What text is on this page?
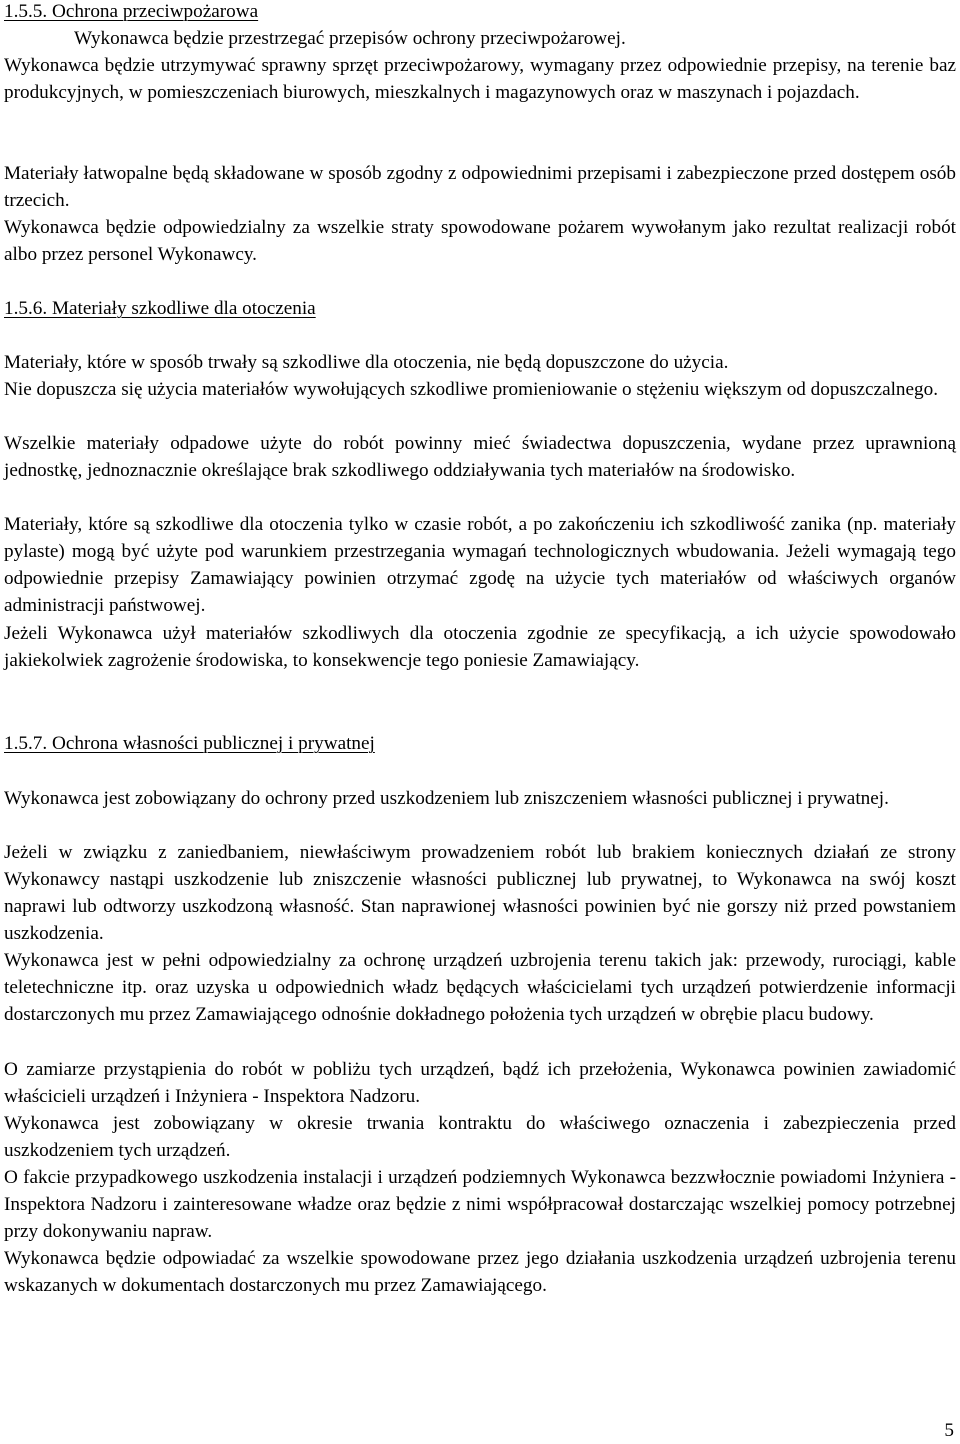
1.5.5. Ochrona przeciwpożarowa

Wykonawca będzie przestrzegać przepisów ochrony przeciwpożarowej.

Wykonawca będzie utrzymywać sprawny sprzęt przeciwpożarowy, wymagany przez odpowiednie przepisy, na terenie baz produkcyjnych, w pomieszczeniach biurowych, mieszkalnych i magazynowych oraz w maszynach i pojazdach.

Materiały łatwopalne będą składowane w sposób zgodny z odpowiednimi przepisami i zabezpieczone przed dostępem osób trzecich.

Wykonawca będzie odpowiedzialny za wszelkie straty spowodowane pożarem wywołanym jako rezultat realizacji robót albo przez personel Wykonawcy.

1.5.6. Materiały szkodliwe dla otoczenia

Materiały, które w sposób trwały są szkodliwe dla otoczenia, nie będą dopuszczone do użycia.

Nie dopuszcza się użycia materiałów wywołujących szkodliwe promieniowanie o stężeniu większym od dopuszczalnego.

Wszelkie materiały odpadowe użyte do robót powinny mieć świadectwa dopuszczenia, wydane przez uprawnioną jednostkę, jednoznacznie określające brak szkodliwego oddziaływania tych materiałów na środowisko.

Materiały, które są szkodliwe dla otoczenia tylko w czasie robót, a po zakończeniu ich szkodliwość zanika (np. materiały pylaste) mogą być użyte pod warunkiem przestrzegania wymagań technologicznych wbudowania. Jeżeli wymagają tego odpowiednie przepisy Zamawiający powinien otrzymać zgodę na użycie tych materiałów od właściwych organów administracji państwowej.

Jeżeli Wykonawca użył materiałów szkodliwych dla otoczenia zgodnie ze specyfikacją, a ich użycie spowodowało jakiekolwiek zagrożenie środowiska, to konsekwencje tego poniesie Zamawiający.

1.5.7. Ochrona własności publicznej i prywatnej

Wykonawca jest zobowiązany do ochrony przed uszkodzeniem lub zniszczeniem własności publicznej i prywatnej.

Jeżeli w związku z zaniedbaniem, niewłaściwym prowadzeniem robót lub brakiem koniecznych działań ze strony Wykonawcy nastąpi uszkodzenie lub zniszczenie własności publicznej lub prywatnej, to Wykonawca na swój koszt naprawi lub odtworzy uszkodzoną własność. Stan naprawionej własności powinien być nie gorszy niż przed powstaniem uszkodzenia.

Wykonawca jest w pełni odpowiedzialny za ochronę urządzeń uzbrojenia terenu takich jak: przewody, rurociągi, kable teletechniczne itp. oraz uzyska u odpowiednich władz będących właścicielami tych urządzeń potwierdzenie informacji dostarczonych mu przez Zamawiającego odnośnie dokładnego położenia tych urządzeń w obrębie placu budowy.

O zamiarze przystąpienia do robót w pobliżu tych urządzeń, bądź ich przełożenia, Wykonawca powinien zawiadomić właścicieli urządzeń i Inżyniera - Inspektora Nadzoru.

Wykonawca jest zobowiązany w okresie trwania kontraktu do właściwego oznaczenia i zabezpieczenia przed uszkodzeniem tych urządzeń.

O fakcie przypadkowego uszkodzenia instalacji i urządzeń podziemnych Wykonawca bezzwłocznie powiadomi Inżyniera - Inspektora Nadzoru i zainteresowane władze oraz będzie z nimi współpracował dostarczając wszelkiej pomocy potrzebnej przy dokonywaniu napraw.

Wykonawca będzie odpowiadać za wszelkie spowodowane przez jego działania uszkodzenia urządzeń uzbrojenia terenu wskazanych w dokumentach dostarczonych mu przez Zamawiającego.

5
